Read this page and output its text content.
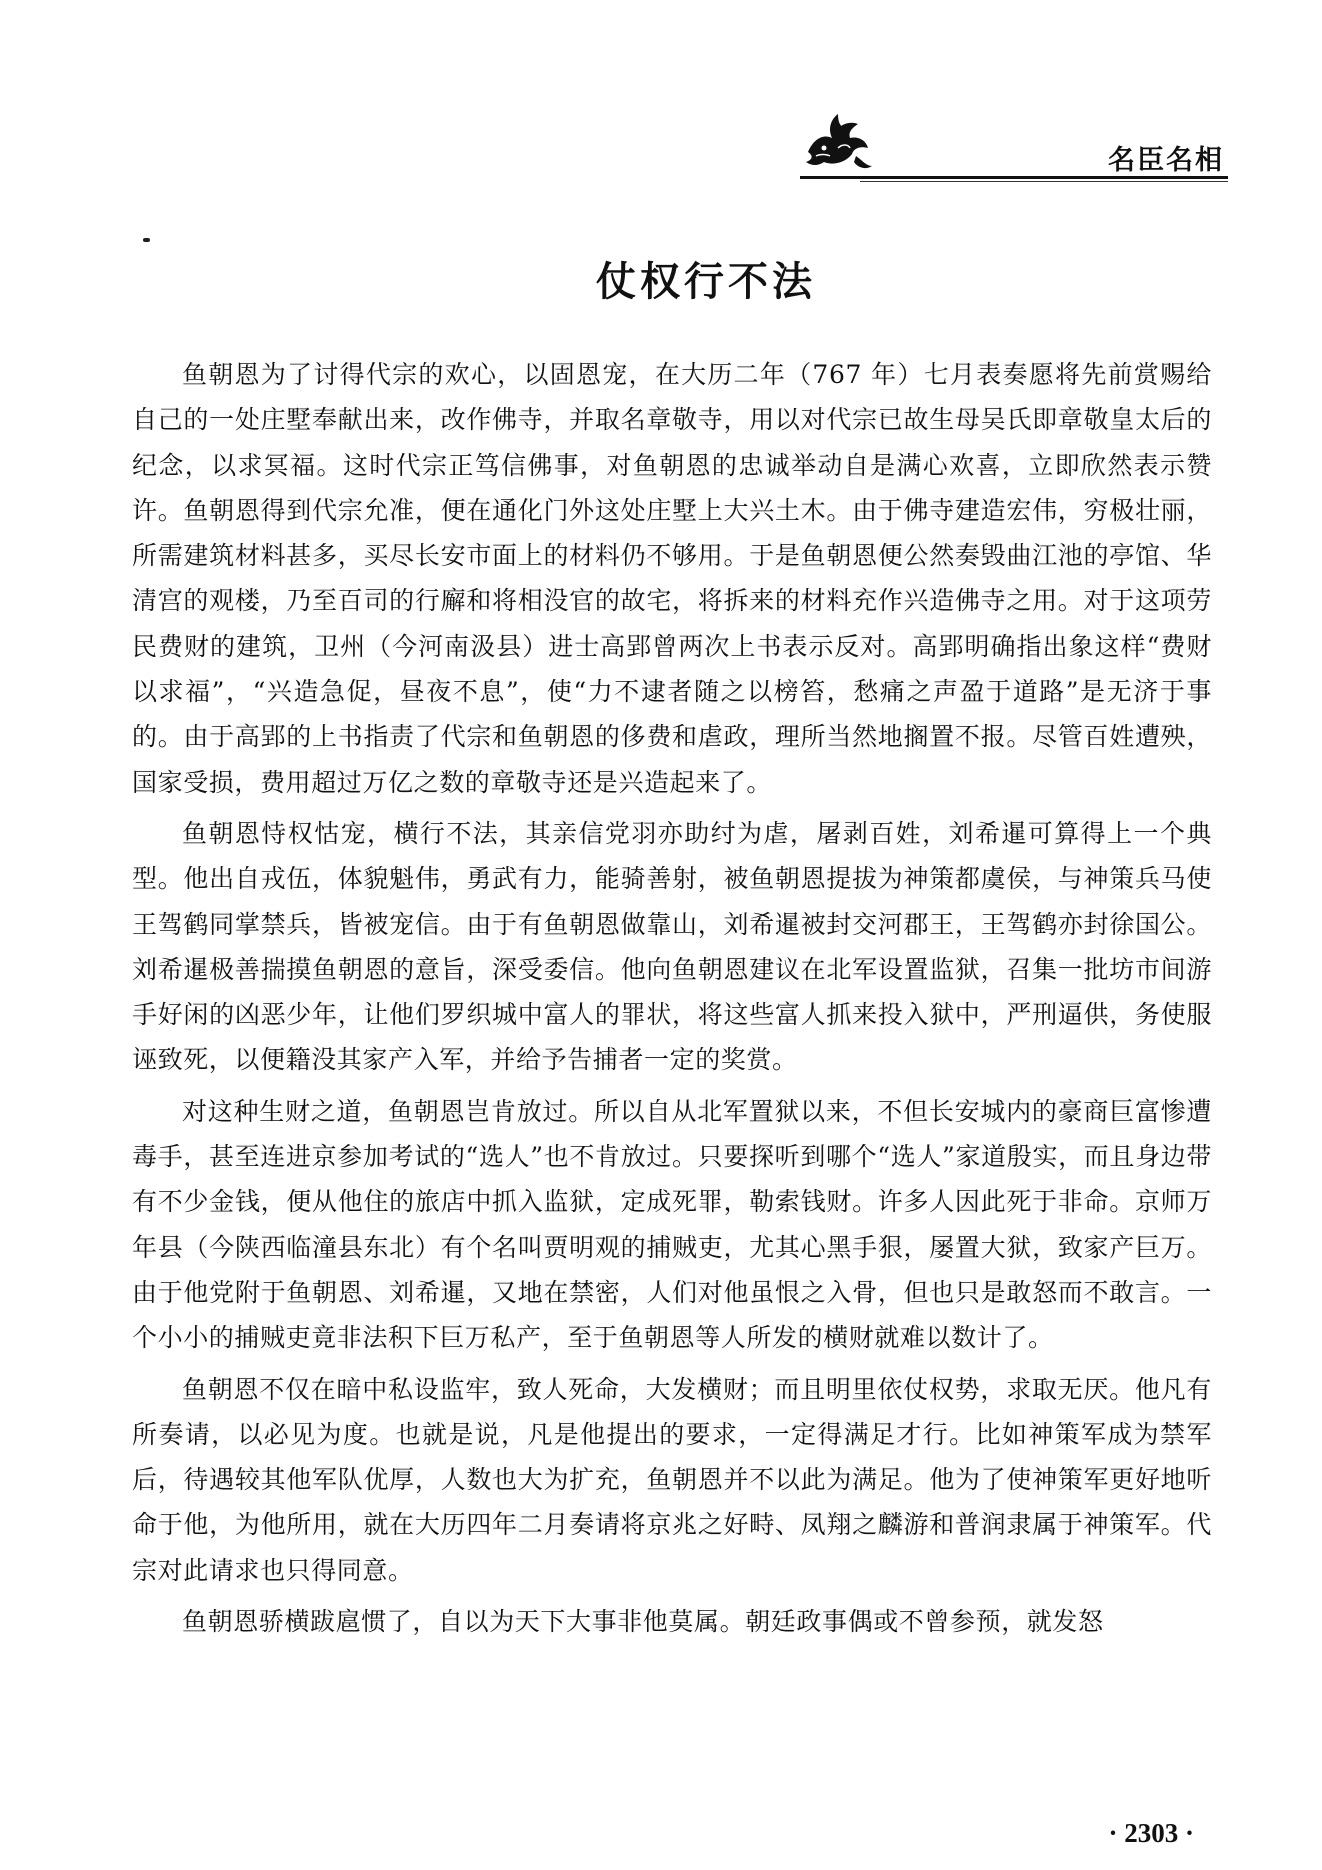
名臣名相
仗权行不法

鱼朝恩为了讨得代宗的欢心，以固恩宠，在大历二年（767 年）七月表奏愿将先前赏赐给自己的一处庄墅奉献出来，改作佛寺，并取名章敬寺，用以对代宗已故生母吴氏即章敬皇太后的纪念，以求冥福。这时代宗正笃信佛事，对鱼朝恩的忠诚举动自是满心欢喜，立即欣然表示赞许。鱼朝恩得到代宗允准，便在通化门外这处庄墅上大兴土木。由于佛寺建造宏伟，穷极壮丽，所需建筑材料甚多，买尽长安市面上的材料仍不够用。于是鱼朝恩便公然奏毁曲江池的亭馆、华清宫的观楼，乃至百司的行廨和将相没官的故宅，将拆来的材料充作兴造佛寺之用。对于这项劳民费财的建筑，卫州（今河南汲县）进士高郢曾两次上书表示反对。高郢明确指出象这样“费财以求福”，“兴造急促，昼夜不息”，使“力不逮者随之以榜笞，愁痛之声盈于道路”是无济于事的。由于高郢的上书指责了代宗和鱼朝恩的侈费和虐政，理所当然地搁置不报。尽管百姓遭殃，国家受损，费用超过万亿之数的章敬寺还是兴造起来了。

鱼朝恩恃权怙宠，横行不法，其亲信党羽亦助纣为虐，屠剥百姓，刘希暹可算得上一个典型。他出自戎伍，体貌魁伟，勇武有力，能骑善射，被鱼朝恩提拔为神策都虞侯，与神策兵马使王驾鹤同掌禁兵，皆被宠信。由于有鱼朝恩做靠山，刘希暹被封交河郡王，王驾鹤亦封徐国公。刘希暹极善揣摸鱼朝恩的意旨，深受委信。他向鱼朝恩建议在北军设置监狱，召集一批坊市间游手好闲的凶恶少年，让他们罗织城中富人的罪状，将这些富人抓来投入狱中，严刑逼供，务使服诬致死，以便籍没其家产入军，并给予告捕者一定的奖赏。

对这种生财之道，鱼朝恩岂肯放过。所以自从北军置狱以来，不但长安城内的豪商巨富惨遭毒手，甚至连进京参加考试的“选人”也不肯放过。只要探听到哪个“选人”家道殷实，而且身边带有不少金钱，便从他住的旅店中抓入监狱，定成死罪，勒索钱财。许多人因此死于非命。京师万年县（今陕西临潼县东北）有个名叫贾明观的捕贼吏，尤其心黑手狠，屡置大狱，致家产巨万。由于他党附于鱼朝恩、刘希暹，又地在禁密，人们对他虽恨之入骨，但也只是敢怒而不敢言。一个小小的捕贼吏竟非法积下巨万私产，至于鱼朝恩等人所发的横财就难以数计了。

鱼朝恩不仅在暗中私设监牢，致人死命，大发横财；而且明里依仗权势，求取无厌。他凡有所奏请，以必见为度。也就是说，凡是他提出的要求，一定得满足才行。比如神策军成为禁军后，待遇较其他军队优厚，人数也大为扩充，鱼朝恩并不以此为满足。他为了使神策军更好地听命于他，为他所用，就在大历四年二月奏请将京兆之好畤、凤翔之麟游和普润隶属于神策军。代宗对此请求也只得同意。

鱼朝恩骄横跋扈惯了，自以为天下大事非他莫属。朝廷政事偶或不曾参预，就发怒

· 2303 ·
